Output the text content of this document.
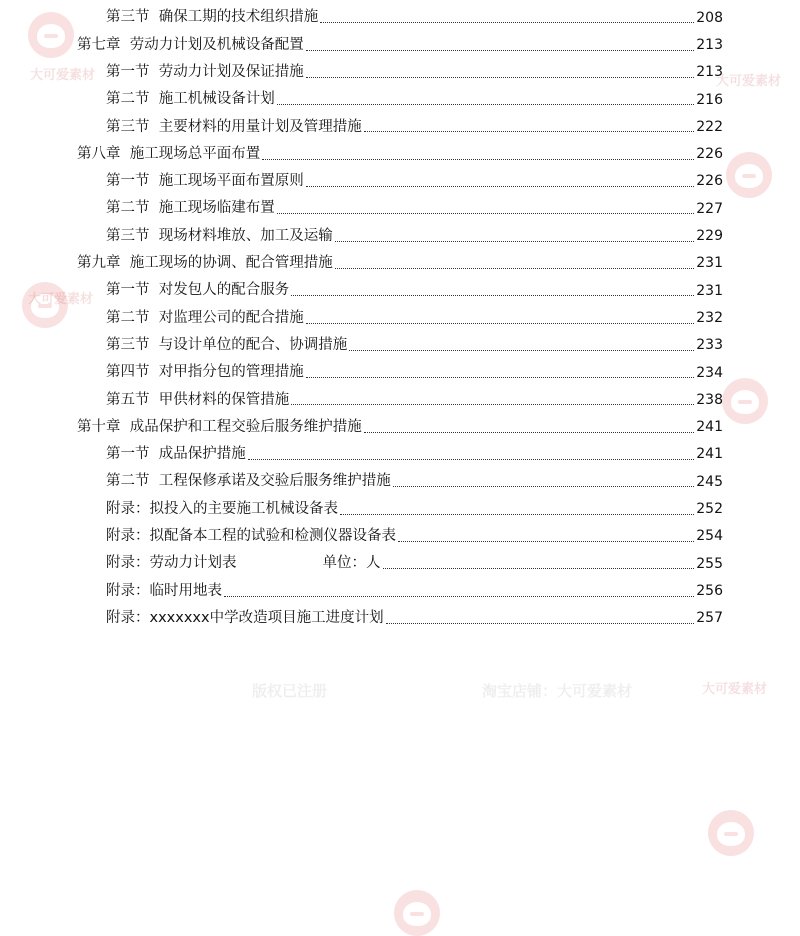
第三节  确保工期的技术组织措施	208
第七章  劳动力计划及机械设备配置	213
第一节  劳动力计划及保证措施	213
第二节  施工机械设备计划	216
第三节  主要材料的用量计划及管理措施	222
第八章  施工现场总平面布置	226
第一节  施工现场平面布置原则	226
第二节  施工现场临建布置	227
第三节  现场材料堆放、加工及运输	229
第九章  施工现场的协调、配合管理措施	231
第一节  对发包人的配合服务	231
第二节  对监理公司的配合措施	232
第三节  与设计单位的配合、协调措施	233
第四节  对甲指分包的管理措施	234
第五节  甲供材料的保管措施	238
第十章  成品保护和工程交验后服务维护措施	241
第一节  成品保护措施	241
第二节  工程保修承诺及交验后服务维护措施	245
附录：拟投入的主要施工机械设备表	252
附录：拟配备本工程的试验和检测仪器设备表	254
附录：劳动力计划表	单位：人	255
附录：临时用地表	256
附录：xxxxxxx中学改造项目施工进度计划	257
大可爱素材
大可爱素材
大可爱素材
大可爱素材
版权已注册	淘宝店铺：大可爱素材
